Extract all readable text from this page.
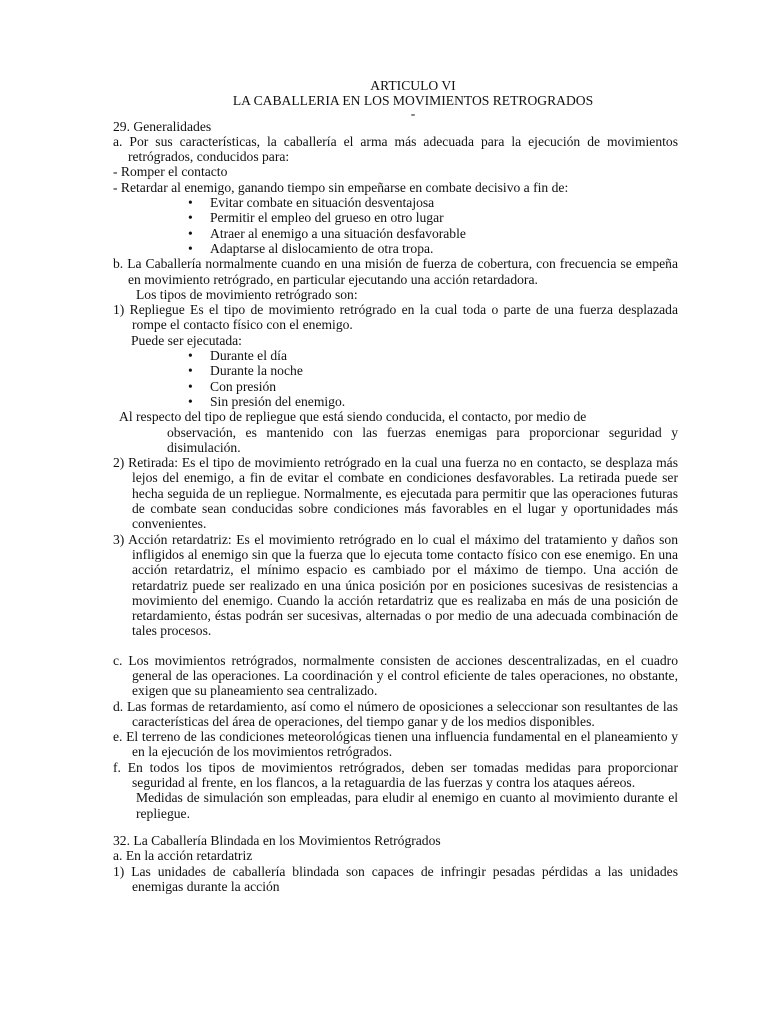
ARTICULO VI

LA CABALLERIA EN LOS MOVIMIENTOS RETROGRADOS

-

29. Generalidades

a. Por sus características, la caballería el arma más adecuada para la ejecución de movimientos retrógrados, conducidos para:

- Romper el contacto

- Retardar al enemigo, ganando tiempo sin empeñarse en combate decisivo a fin de:

• Evitar combate en situación desventajosa
• Permitir el empleo del grueso en otro lugar
• Atraer al enemigo a una situación desfavorable
• Adaptarse al dislocamiento de otra tropa.

b. La Caballería normalmente cuando en una misión de fuerza de cobertura, con frecuencia se empeña en movimiento retrógrado, en particular ejecutando una acción retardadora.

Los tipos de movimiento retrógrado son:

1) Repliegue Es el tipo de movimiento retrógrado en la cual toda o parte de una fuerza desplazada rompe el contacto físico con el enemigo.

Puede ser ejecutada:

• Durante el día
• Durante la noche
• Con presión
• Sin presión del enemigo.

Al respecto del tipo de repliegue que está siendo conducida, el contacto, por medio de

observación, es mantenido con las fuerzas enemigas para proporcionar seguridad y disimulación.

2) Retirada: Es el tipo de movimiento retrógrado en la cual una fuerza no en contacto, se desplaza más lejos del enemigo, a fin de evitar el combate en condiciones desfavorables. La retirada puede ser hecha seguida de un repliegue. Normalmente, es ejecutada para permitir que las operaciones futuras de combate sean conducidas sobre condiciones más favorables en el lugar y oportunidades más convenientes.

3) Acción retardatriz: Es el movimiento retrógrado en lo cual el máximo del tratamiento y daños son infligidos al enemigo sin que la fuerza que lo ejecuta tome contacto físico con ese enemigo. En una acción retardatriz, el mínimo espacio es cambiado por el máximo de tiempo. Una acción de retardatriz puede ser realizado en una única posición por en posiciones sucesivas de resistencias a movimiento del enemigo. Cuando la acción retardatriz que es realizaba en más de una posición de retardamiento, éstas podrán ser sucesivas, alternadas o por medio de una adecuada combinación de tales procesos.

c. Los movimientos retrógrados, normalmente consisten de acciones descentralizadas, en el cuadro general de las operaciones. La coordinación y el control eficiente de tales operaciones, no obstante, exigen que su planeamiento sea centralizado.

d. Las formas de retardamiento, así como el número de oposiciones a seleccionar son resultantes de las características del área de operaciones, del tiempo ganar y de los medios disponibles.

e. El terreno de las condiciones meteorológicas tienen una influencia fundamental en el planeamiento y en la ejecución de los movimientos retrógrados.

f. En todos los tipos de movimientos retrógrados, deben ser tomadas medidas para proporcionar seguridad al frente, en los flancos, a la retaguardia de las fuerzas y contra los ataques aéreos.

Medidas de simulación son empleadas, para eludir al enemigo en cuanto al movimiento durante el repliegue.

32. La Caballería Blindada en los Movimientos Retrógrados

a. En la acción retardatriz

1) Las unidades de caballería blindada son capaces de infringir pesadas pérdidas a las unidades enemigas durante la acción
